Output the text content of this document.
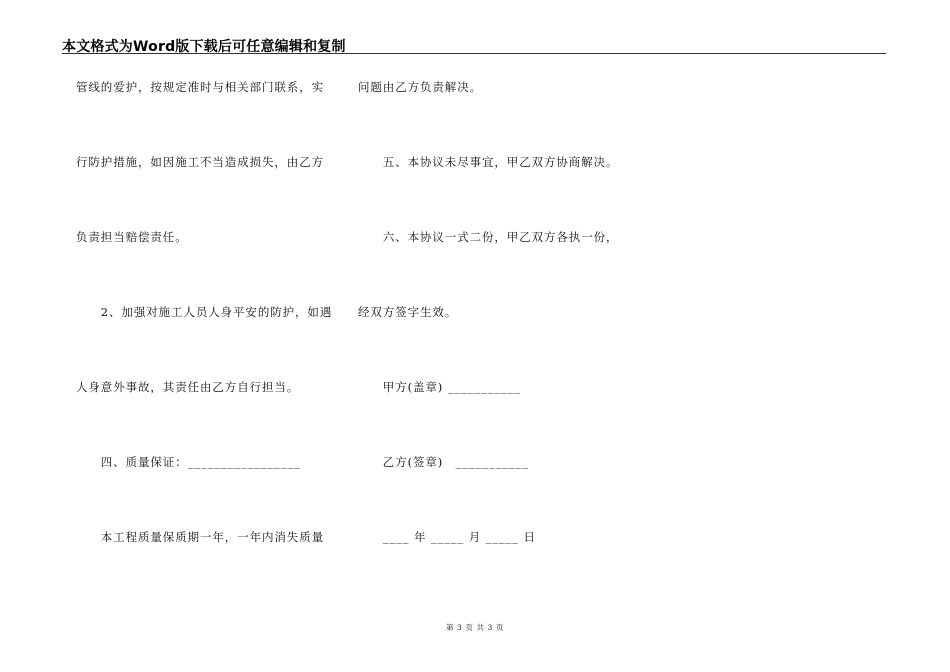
本文格式为Word版下载后可任意编辑和复制
管线的爱护，按规定准时与相关部门联系，实
行防护措施，如因施工不当造成损失，由乙方
负责担当赔偿责任。
　　2、加强对施工人员人身平安的防护，如遇
人身意外事故，其责任由乙方自行担当。
　　四、质量保证：_________________
　　本工程质量保质期一年，一年内消失质量
问题由乙方负责解决。
　　五、本协议未尽事宜，甲乙双方协商解决。
　　六、本协议一式二份，甲乙双方各执一份，
经双方签字生效。
　　甲方(盖章) ___________
　　乙方(签章)　___________
　　____ 年 _____ 月 _____ 日
第 3 页 共 3 页
